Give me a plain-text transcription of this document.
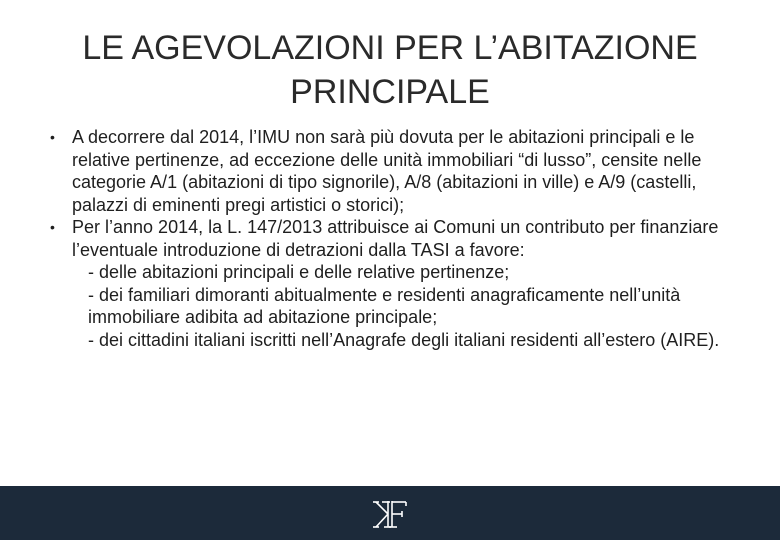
LE AGEVOLAZIONI PER L’ABITAZIONE
PRINCIPALE

• A decorrere dal 2014, l’IMU non sarà più dovuta per le abitazioni principali e le relative pertinenze, ad eccezione delle unità immobiliari “di lusso”, censite nelle categorie A/1 (abitazioni di tipo signorile), A/8 (abitazioni in ville) e A/9 (castelli, palazzi di eminenti pregi artistici o storici);

• Per l’anno 2014, la L. 147/2013 attribuisce ai Comuni un contributo per finanziare l’eventuale introduzione di detrazioni dalla TASI a favore:

- delle abitazioni principali e delle relative pertinenze;
- dei familiari dimoranti abitualmente e residenti anagraficamente nell’unità immobiliare adibita ad abitazione principale;
- dei cittadini italiani iscritti nell’Anagrafe degli italiani residenti all’estero (AIRE).
